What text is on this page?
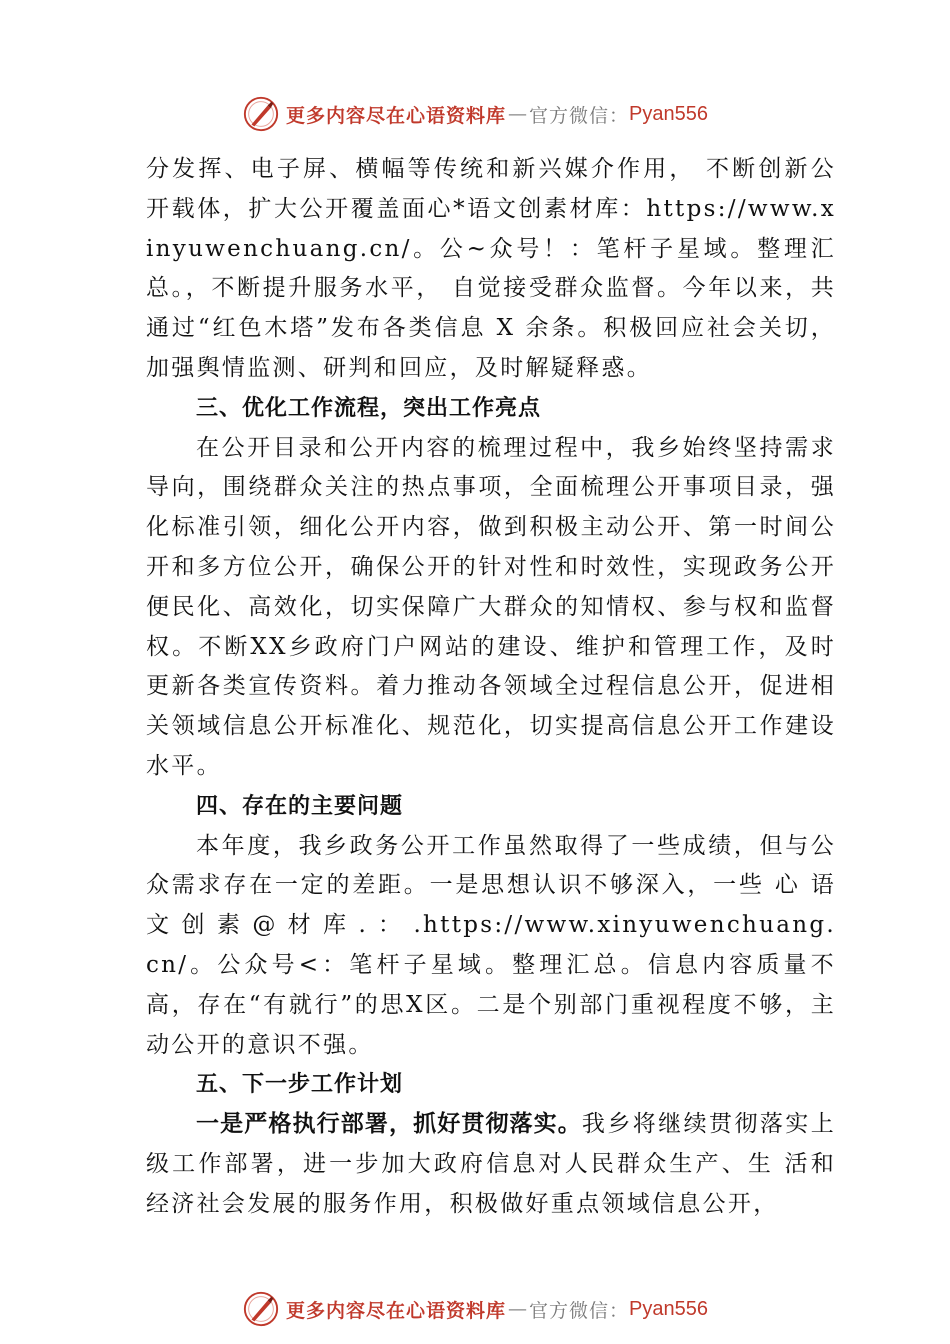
更多内容尽在心语资料库 — 官方微信： Pyan556

分发挥、电子屏、横幅等传统和新兴媒介作用， 不断创新公开载体，扩大公开覆盖面心*语文创素材库：https://www.xinyuwenchuang.cn/。公~众号！：笔杆子星域。整理汇总。，不断提升服务水平， 自觉接受群众监督。今年以来，共通过“红色木塔”发布各类信息 X 余条。积极回应社会关切，加强舆情监测、研判和回应，及时解疑释惑。

三、优化工作流程，突出工作亮点

在公开目录和公开内容的梳理过程中，我乡始终坚持需求导向，围绕群众关注的热点事项，全面梳理公开事项目录，强化标准引领，细化公开内容，做到积极主动公开、第一时间公开和多方位公开，确保公开的针对性和时效性，实现政务公开便民化、高效化，切实保障广大群众的知情权、参与权和监督权。不断XX乡政府门户网站的建设、维护和管理工作，及时更新各类宣传资料。着力推动各领域全过程信息公开，促进相关领域信息公开标准化、规范化，切实提高信息公开工作建设水平。

四、存在的主要问题

本年度，我乡政务公开工作虽然取得了一些成绩，但与公众需求存在一定的差距。一是思想认识不够深入，一些 心 语 文 创 素 @ 材 库 . ： .https://www.xinyuwenchuang.cn/。公众号<：笔杆子星域。整理汇总。信息内容质量不高，存在“有就行”的思X区。二是个别部门重视程度不够，主动公开的意识不强。

五、下一步工作计划

一是严格执行部署，抓好贯彻落实。我乡将继续贯彻落实上级工作部署，进一步加大政府信息对人民群众生产、生 活和经济社会发展的服务作用，积极做好重点领域信息公开，

更多内容尽在心语资料库 — 官方微信： Pyan556
